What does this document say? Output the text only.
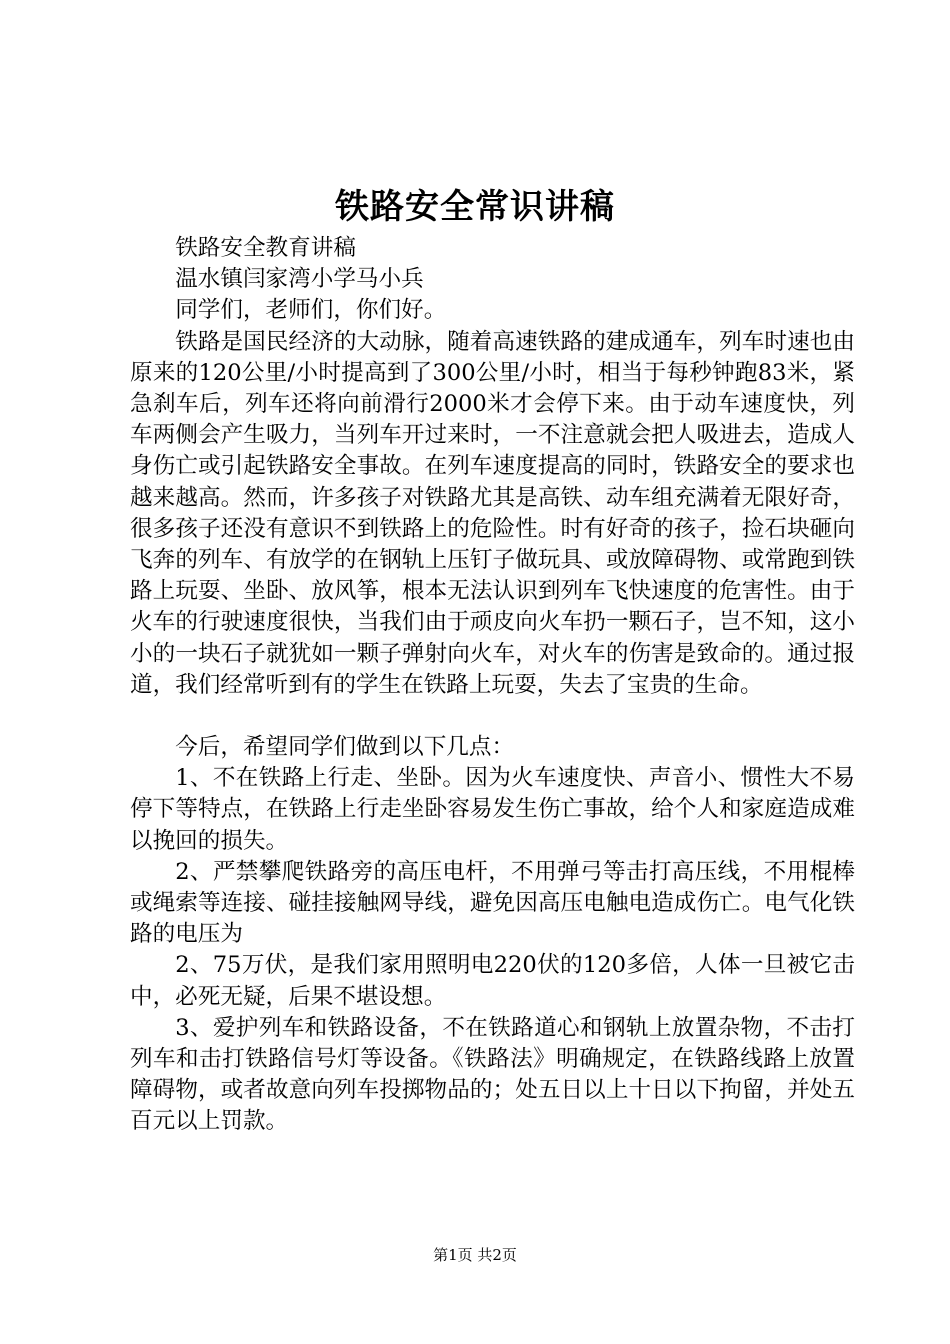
铁路安全常识讲稿

铁路安全教育讲稿

温水镇闫家湾小学马小兵

同学们，老师们，你们好。

铁路是国民经济的大动脉，随着高速铁路的建成通车，列车时速也由原来的120公里/小时提高到了300公里/小时，相当于每秒钟跑83米，紧急刹车后，列车还将向前滑行2000米才会停下来。由于动车速度快，列车两侧会产生吸力，当列车开过来时，一不注意就会把人吸进去，造成人身伤亡或引起铁路安全事故。在列车速度提高的同时，铁路安全的要求也越来越高。然而，许多孩子对铁路尤其是高铁、动车组充满着无限好奇，很多孩子还没有意识不到铁路上的危险性。时有好奇的孩子，捡石块砸向飞奔的列车、有放学的在钢轨上压钉子做玩具、或放障碍物、或常跑到铁路上玩耍、坐卧、放风筝，根本无法认识到列车飞快速度的危害性。由于火车的行驶速度很快，当我们由于顽皮向火车扔一颗石子，岂不知，这小小的一块石子就犹如一颗子弹射向火车，对火车的伤害是致命的。通过报道，我们经常听到有的学生在铁路上玩耍，失去了宝贵的生命。

今后，希望同学们做到以下几点：

1、不在铁路上行走、坐卧。因为火车速度快、声音小、惯性大不易停下等特点，在铁路上行走坐卧容易发生伤亡事故，给个人和家庭造成难以挽回的损失。

2、严禁攀爬铁路旁的高压电杆，不用弹弓等击打高压线，不用棍棒或绳索等连接、碰挂接触网导线，避免因高压电触电造成伤亡。电气化铁路的电压为

2、75万伏，是我们家用照明电220伏的120多倍，人体一旦被它击中，必死无疑，后果不堪设想。

3、爱护列车和铁路设备，不在铁路道心和钢轨上放置杂物，不击打列车和击打铁路信号灯等设备。《铁路法》明确规定，在铁路线路上放置障碍物，或者故意向列车投掷物品的；处五日以上十日以下拘留，并处五百元以上罚款。

第1页 共2页
